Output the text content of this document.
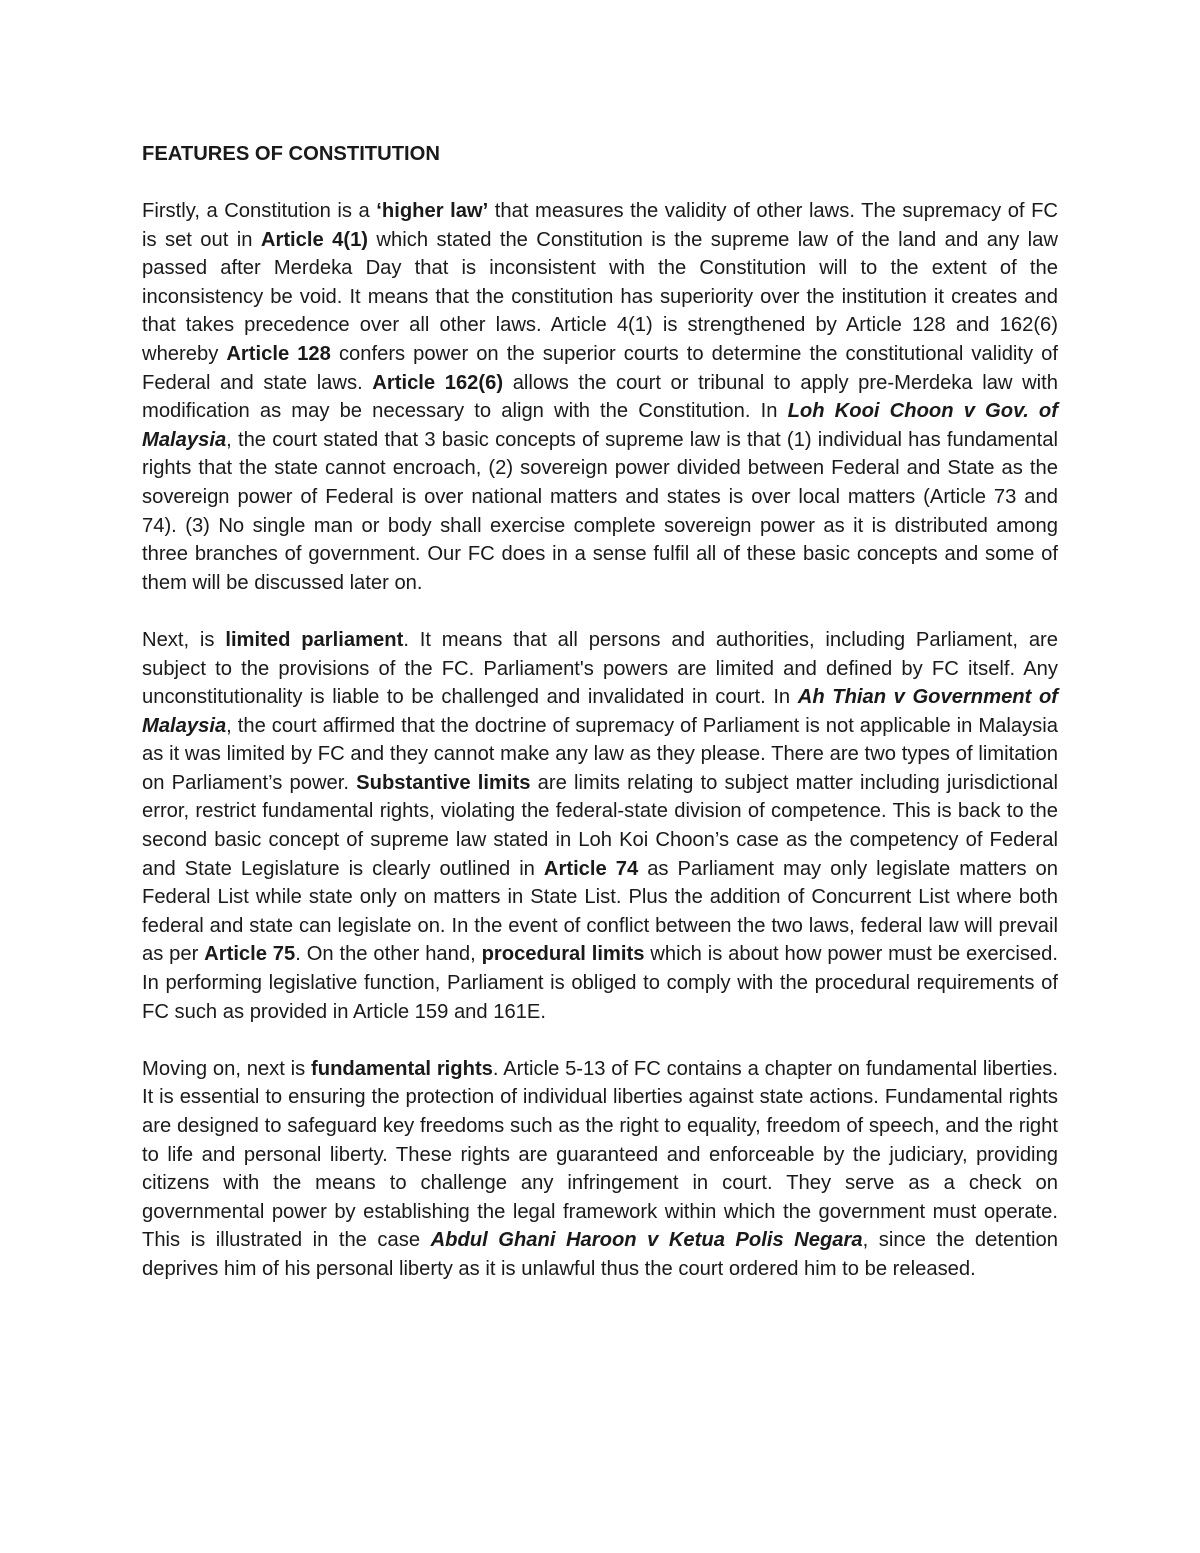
FEATURES OF CONSTITUTION

Firstly, a Constitution is a ‘higher law’ that measures the validity of other laws. The supremacy of FC is set out in Article 4(1) which stated the Constitution is the supreme law of the land and any law passed after Merdeka Day that is inconsistent with the Constitution will to the extent of the inconsistency be void. It means that the constitution has superiority over the institution it creates and that takes precedence over all other laws. Article 4(1) is strengthened by Article 128 and 162(6) whereby Article 128 confers power on the superior courts to determine the constitutional validity of Federal and state laws. Article 162(6) allows the court or tribunal to apply pre-Merdeka law with modification as may be necessary to align with the Constitution. In Loh Kooi Choon v Gov. of Malaysia, the court stated that 3 basic concepts of supreme law is that (1) individual has fundamental rights that the state cannot encroach, (2) sovereign power divided between Federal and State as the sovereign power of Federal is over national matters and states is over local matters (Article 73 and 74). (3) No single man or body shall exercise complete sovereign power as it is distributed among three branches of government. Our FC does in a sense fulfil all of these basic concepts and some of them will be discussed later on.

Next, is limited parliament. It means that all persons and authorities, including Parliament, are subject to the provisions of the FC. Parliament's powers are limited and defined by FC itself. Any unconstitutionality is liable to be challenged and invalidated in court. In Ah Thian v Government of Malaysia, the court affirmed that the doctrine of supremacy of Parliament is not applicable in Malaysia as it was limited by FC and they cannot make any law as they please. There are two types of limitation on Parliament’s power. Substantive limits are limits relating to subject matter including jurisdictional error, restrict fundamental rights, violating the federal-state division of competence. This is back to the second basic concept of supreme law stated in Loh Koi Choon’s case as the competency of Federal and State Legislature is clearly outlined in Article 74 as Parliament may only legislate matters on Federal List while state only on matters in State List. Plus the addition of Concurrent List where both federal and state can legislate on. In the event of conflict between the two laws, federal law will prevail as per Article 75. On the other hand, procedural limits which is about how power must be exercised. In performing legislative function, Parliament is obliged to comply with the procedural requirements of FC such as provided in Article 159 and 161E.

Moving on, next is fundamental rights. Article 5-13 of FC contains a chapter on fundamental liberties. It is essential to ensuring the protection of individual liberties against state actions. Fundamental rights are designed to safeguard key freedoms such as the right to equality, freedom of speech, and the right to life and personal liberty. These rights are guaranteed and enforceable by the judiciary, providing citizens with the means to challenge any infringement in court. They serve as a check on governmental power by establishing the legal framework within which the government must operate. This is illustrated in the case Abdul Ghani Haroon v Ketua Polis Negara, since the detention deprives him of his personal liberty as it is unlawful thus the court ordered him to be released.
